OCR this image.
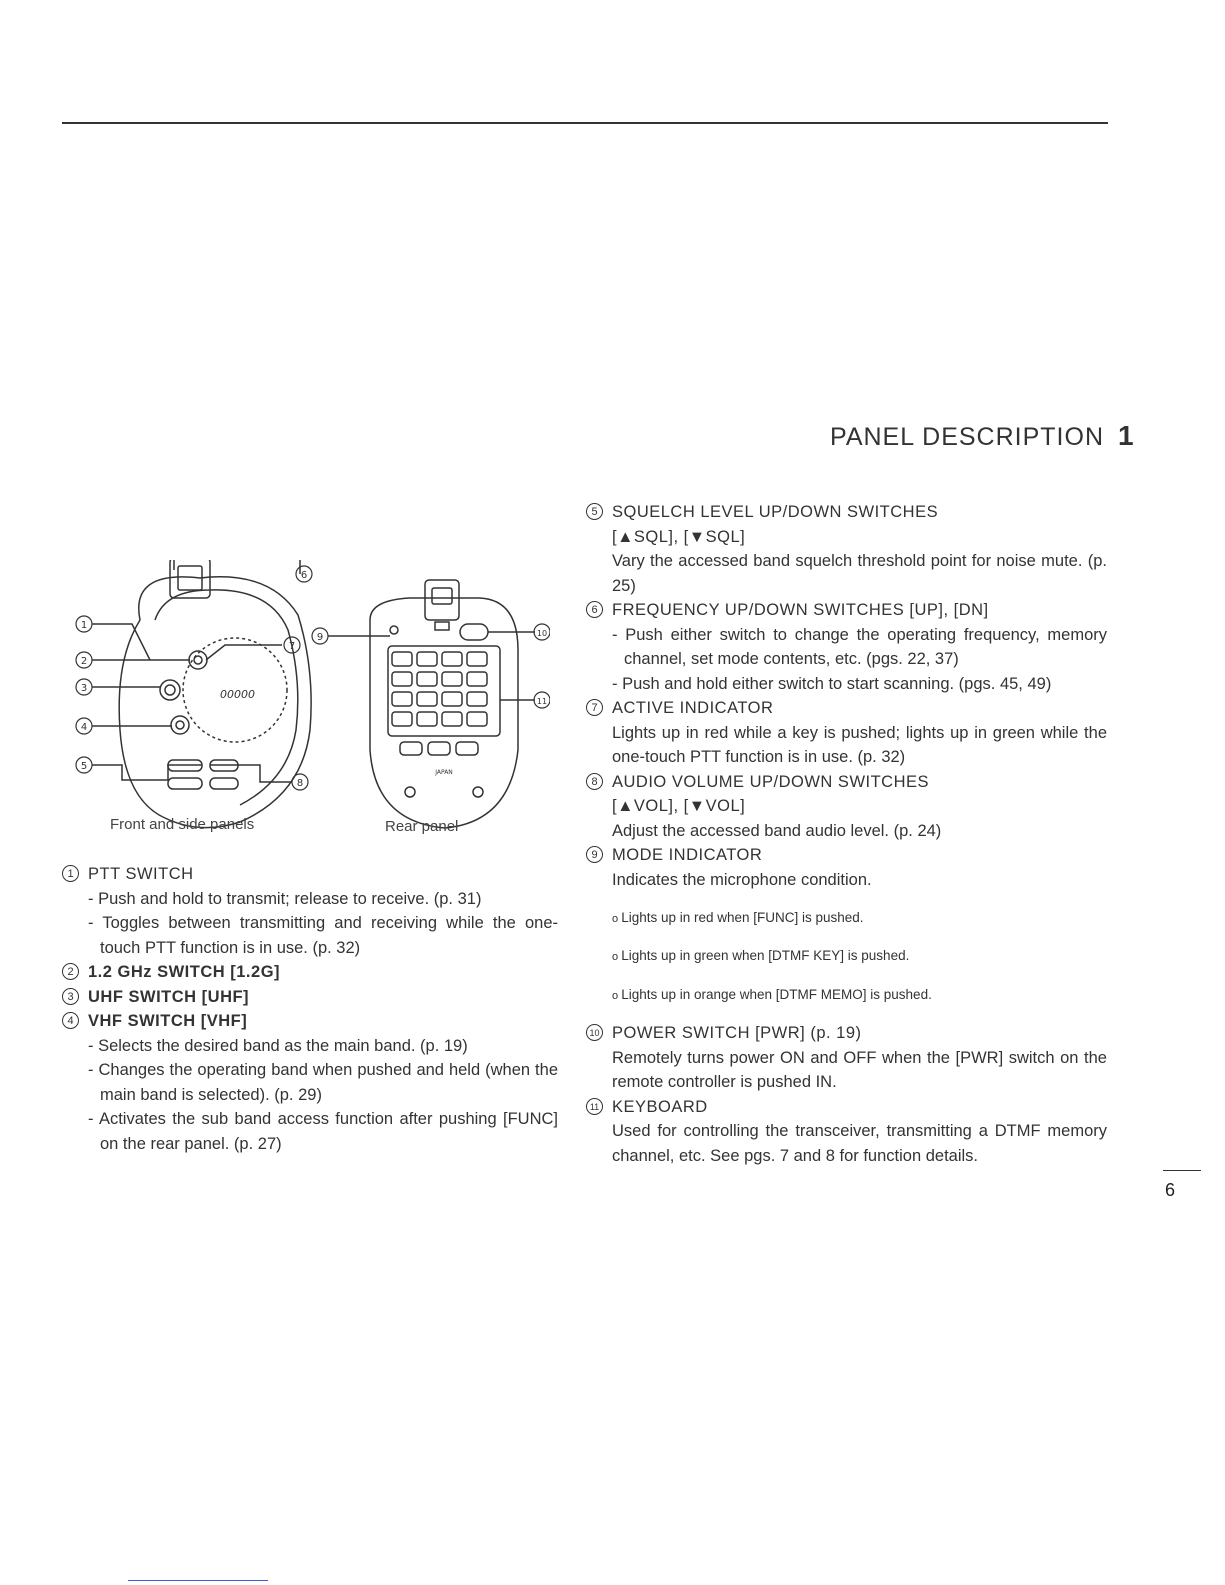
PANEL DESCRIPTION 1
6
1
2
3
4
5
7
8
9	10
11
00000
JAPAN
Front and side panels	Rear panel
1 PTT SWITCH

- Push and hold to transmit; release to receive. (p. 31)

- Toggles between transmitting and receiving while the one-touch PTT function is in use. (p. 32)

2 1.2 GHz SWITCH [1.2G]
3 UHF SWITCH [UHF]
4 VHF SWITCH [VHF]

- Selects the desired band as the main band. (p. 19)

- Changes the operating band when pushed and held (when the main band is selected). (p. 29)

- Activates the sub band access function after pushing [FUNC] on the rear panel. (p. 27)

5 SQUELCH LEVEL UP/DOWN SWITCHES
[▲SQL], [▼SQL]

Vary the accessed band squelch threshold point for noise mute. (p. 25)

6 FREQUENCY UP/DOWN SWITCHES [UP], [DN]

- Push either switch to change the operating frequency, memory channel, set mode contents, etc. (pgs. 22, 37)

- Push and hold either switch to start scanning. (pgs. 45, 49)

7 ACTIVE INDICATOR

Lights up in red while a key is pushed; lights up in green while the one-touch PTT function is in use. (p. 32)

8 AUDIO VOLUME UP/DOWN SWITCHES
[▲VOL], [▼VOL]

Adjust the accessed band audio level. (p. 24)

9 MODE INDICATOR

Indicates the microphone condition.

o Lights up in red when [FUNC] is pushed.

o Lights up in green when [DTMF KEY] is pushed.

o Lights up in orange when [DTMF MEMO] is pushed.

10 POWER SWITCH [PWR] (p. 19)

Remotely turns power ON and OFF when the [PWR] switch on the remote controller is pushed IN.

11 KEYBOARD

Used for controlling the transceiver, transmitting a DTMF memory channel, etc. See pgs. 7 and 8 for function details.

6
